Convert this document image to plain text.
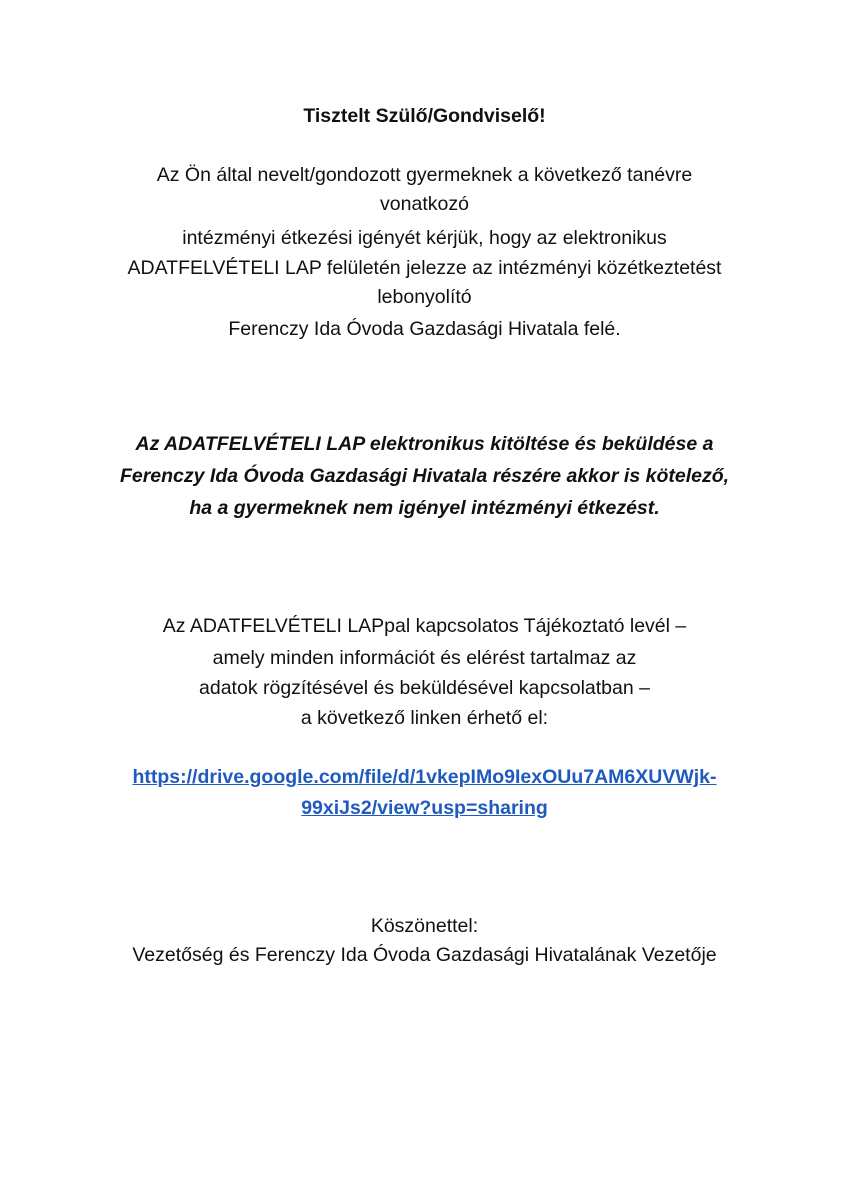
Tisztelt Szülő/Gondviselő!
Az Ön által nevelt/gondozott gyermeknek a következő tanévre
vonatkozó
intézményi étkezési igényét kérjük, hogy az elektronikus
ADATFELVÉTELI LAP felületén jelezze az intézményi közétkeztetést
lebonyolító
Ferenczy Ida Óvoda Gazdasági Hivatala felé.
Az ADATFELVÉTELI LAP elektronikus kitöltése és beküldése a
Ferenczy Ida Óvoda Gazdasági Hivatala részére akkor is kötelező,
ha a gyermeknek nem igényel intézményi étkezést.
Az ADATFELVÉTELI LAPpal kapcsolatos Tájékoztató levél –
amely minden információt és elérést tartalmaz az
adatok rögzítésével és beküldésével kapcsolatban –
a következő linken érhető el:
https://drive.google.com/file/d/1vkepIMo9IexOUu7AM6XUVWjk-
99xiJs2/view?usp=sharing
Köszönettel:
Vezetőség és Ferenczy Ida Óvoda Gazdasági Hivatalának Vezetője
